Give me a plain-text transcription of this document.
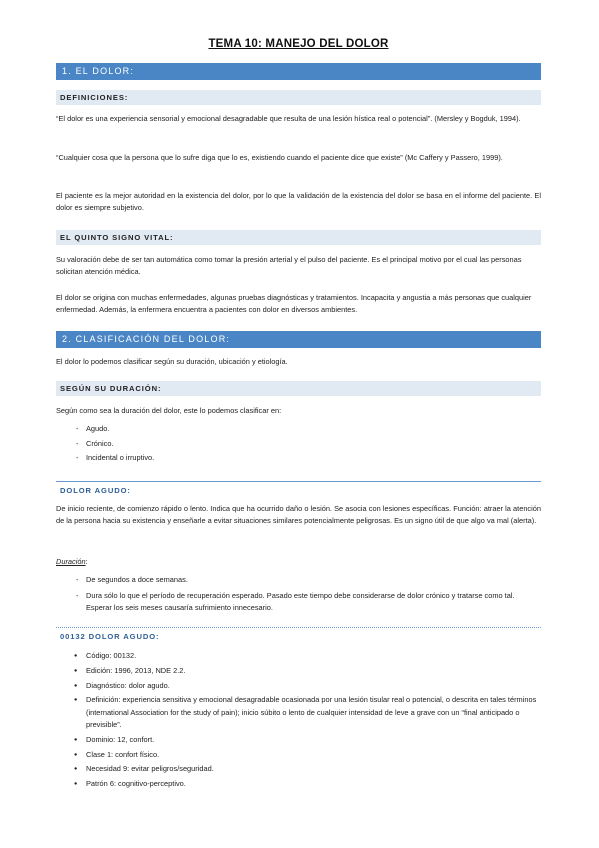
TEMA 10: MANEJO DEL DOLOR
1. EL DOLOR:
DEFINICIONES:

“El dolor es una experiencia sensorial y emocional desagradable que resulta de una lesión hística real o potencial”. (Mersley y Bogduk, 1994).

“Cualquier cosa que la persona que lo sufre diga que lo es, existiendo cuando el paciente dice que existe” (Mc Caffery y Passero, 1999).

El paciente es la mejor autoridad en la existencia del dolor, por lo que la validación de la existencia del dolor se basa en el informe del paciente. El dolor es siempre subjetivo.

EL QUINTO SIGNO VITAL:

Su valoración debe de ser tan automática como tomar la presión arterial y el pulso del paciente. Es el principal motivo por el cual las personas solicitan atención médica.

El dolor se origina con muchas enfermedades, algunas pruebas diagnósticas y tratamientos. Incapacita y angustia a más personas que cualquier enfermedad. Además, la enfermera encuentra a pacientes con dolor en diversos ambientes.

2. CLASIFICACIÓN DEL DOLOR:

El dolor lo podemos clasificar según su duración, ubicación y etiología.

SEGÚN SU DURACIÓN:

Según como sea la duración del dolor, este lo podemos clasificar en:

- Agudo.
- Crónico.
- Incidental o irruptivo.
DOLOR AGUDO:

De inicio reciente, de comienzo rápido o lento. Indica que ha ocurrido daño o lesión. Se asocia con lesiones específicas. Función: atraer la atención de la persona hacia su existencia y enseñarle a evitar situaciones similares potencialmente peligrosas. Es un signo útil de que algo va mal (alerta).

Duración:

- De segundos a doce semanas.
- Dura sólo lo que el período de recuperación esperado. Pasado este tiempo debe considerarse de dolor crónico y tratarse como tal. Esperar los seis meses causaría sufrimiento innecesario.
00132 DOLOR AGUDO:
● Código: 00132.
● Edición: 1996, 2013, NDE 2.2.
● Diagnóstico: dolor agudo.
● Definición: experiencia sensitiva y emocional desagradable ocasionada por una lesión tisular real o potencial, o descrita en tales términos (international Association for the study of pain); inicio súbito o lento de cualquier intensidad de leve a grave con un “final anticipado o previsible”.
● Dominio: 12, confort.
● Clase 1: confort físico.
● Necesidad 9: evitar peligros/seguridad.
● Patrón 6: cognitivo-perceptivo.
